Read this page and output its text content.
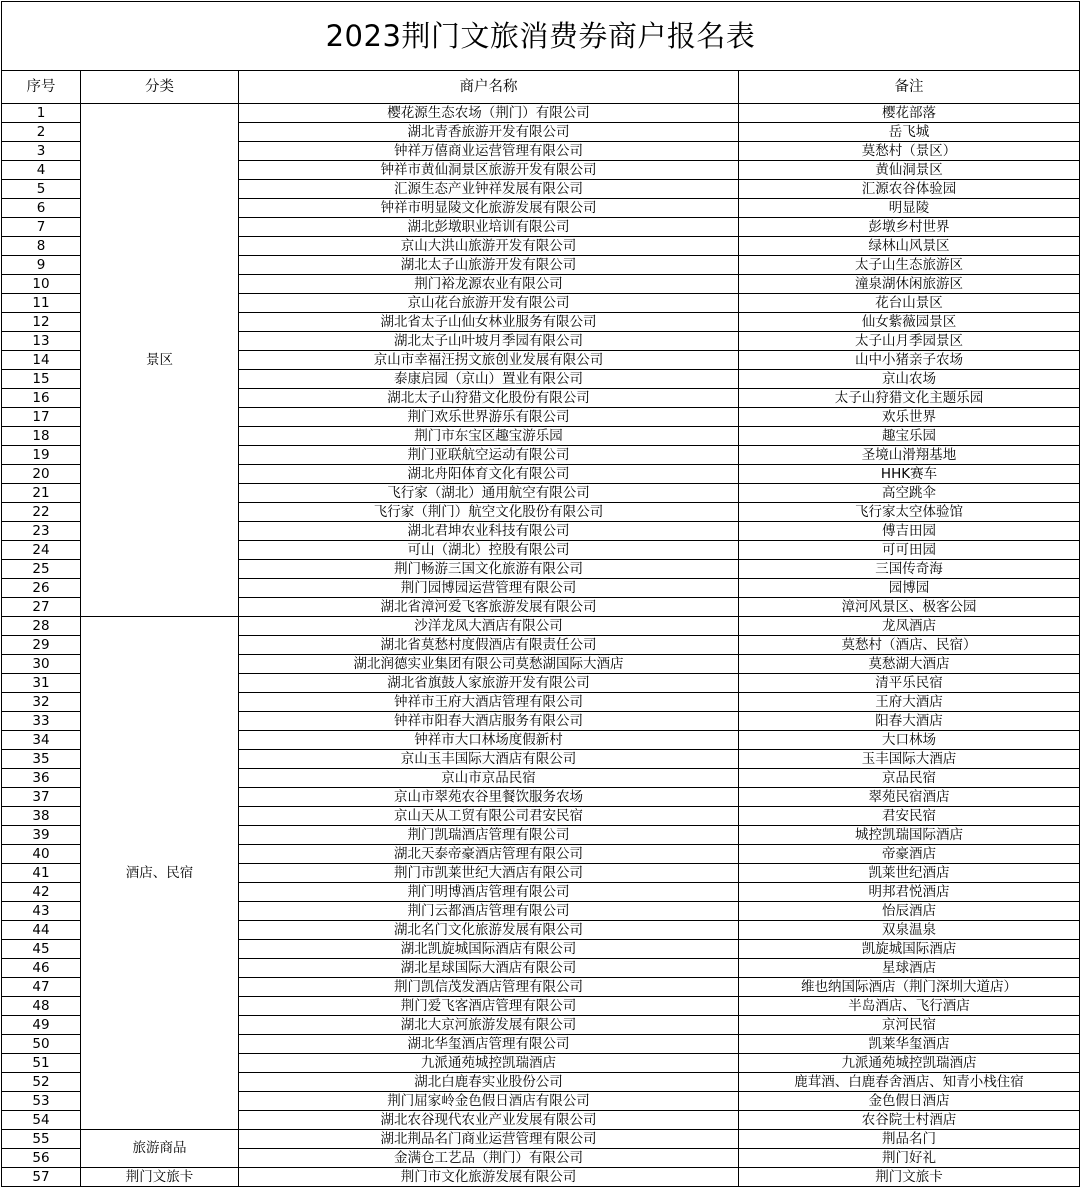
2023荆门文旅消费券商户报名表			
序号	分类	商户名称	备注
1	景区	樱花源生态农场（荆门）有限公司	樱花部落
2		湖北青香旅游开发有限公司	岳飞城
3		钟祥万僖商业运营管理有限公司	莫愁村（景区）
4		钟祥市黄仙洞景区旅游开发有限公司	黄仙洞景区
5		汇源生态产业钟祥发展有限公司	汇源农谷体验园
6		钟祥市明显陵文化旅游发展有限公司	明显陵
7		湖北彭墩职业培训有限公司	彭墩乡村世界
8		京山大洪山旅游开发有限公司	绿林山风景区
9		湖北太子山旅游开发有限公司	太子山生态旅游区
10		荆门裕龙源农业有限公司	潼泉湖休闲旅游区
11		京山花台旅游开发有限公司	花台山景区
12		湖北省太子山仙女林业服务有限公司	仙女紫薇园景区
13		湖北太子山叶坡月季园有限公司	太子山月季园景区
14		京山市幸福汪拐文旅创业发展有限公司	山中小猪亲子农场
15		泰康启园（京山）置业有限公司	京山农场
16		湖北太子山狩猎文化股份有限公司	太子山狩猎文化主题乐园
17		荆门欢乐世界游乐有限公司	欢乐世界
18		荆门市东宝区趣宝游乐园	趣宝乐园
19		荆门亚联航空运动有限公司	圣境山滑翔基地
20		湖北舟阳体育文化有限公司	HHK赛车
21		飞行家（湖北）通用航空有限公司	高空跳伞
22		飞行家（荆门）航空文化股份有限公司	飞行家太空体验馆
23		湖北君坤农业科技有限公司	傅吉田园
24		可山（湖北）控股有限公司	可可田园
25		荆门畅游三国文化旅游有限公司	三国传奇海
26		荆门园博园运营管理有限公司	园博园
27		湖北省漳河爱飞客旅游发展有限公司	漳河风景区、极客公园
28	酒店、民宿	沙洋龙凤大酒店有限公司	龙凤酒店
29		湖北省莫愁村度假酒店有限责任公司	莫愁村（酒店、民宿）
30		湖北润德实业集团有限公司莫愁湖国际大酒店	莫愁湖大酒店
31		湖北省旗鼓人家旅游开发有限公司	清平乐民宿
32		钟祥市王府大酒店管理有限公司	王府大酒店
33		钟祥市阳春大酒店服务有限公司	阳春大酒店
34		钟祥市大口林场度假新村	大口林场
35		京山玉丰国际大酒店有限公司	玉丰国际大酒店
36		京山市京品民宿	京品民宿
37		京山市翠苑农谷里餐饮服务农场	翠苑民宿酒店
38		京山天从工贸有限公司君安民宿	君安民宿
39		荆门凯瑞酒店管理有限公司	城控凯瑞国际酒店
40		湖北天泰帝豪酒店管理有限公司	帝豪酒店
41		荆门市凯莱世纪大酒店有限公司	凯莱世纪酒店
42		荆门明博酒店管理有限公司	明邦君悦酒店
43		荆门云都酒店管理有限公司	怡辰酒店
44		湖北名门文化旅游发展有限公司	双泉温泉
45		湖北凯旋城国际酒店有限公司	凯旋城国际酒店
46		湖北星球国际大酒店有限公司	星球酒店
47		荆门凯信茂发酒店管理有限公司	维也纳国际酒店（荆门深圳大道店）
48		荆门爱飞客酒店管理有限公司	半岛酒店、飞行酒店
49		湖北大京河旅游发展有限公司	京河民宿
50		湖北华玺酒店管理有限公司	凯莱华玺酒店
51		九派通苑城控凯瑞酒店	九派通苑城控凯瑞酒店
52		湖北白鹿春实业股份公司	鹿茸酒、白鹿春舍酒店、知青小栈住宿
53		荆门屈家岭金色假日酒店有限公司	金色假日酒店
54		湖北农谷现代农业产业发展有限公司	农谷院士村酒店
55	旅游商品	湖北荆品名门商业运营管理有限公司	荆品名门
56		金满仓工艺品（荆门）有限公司	荆门好礼
57	荆门文旅卡	荆门市文化旅游发展有限公司	荆门文旅卡
